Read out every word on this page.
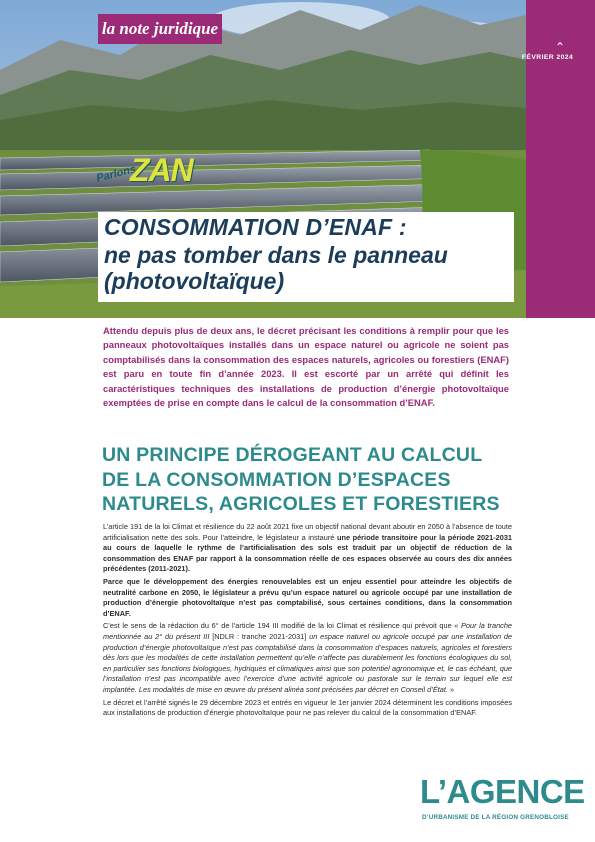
⌃
FÉVRIER 2024
la note juridique
Parlons
ZAN
CONSOMMATION D’ENAF :
ne pas tomber dans le panneau (photovoltaïque)
Attendu depuis plus de deux ans, le décret précisant les conditions à remplir pour que les panneaux photovoltaïques installés dans un espace naturel ou agricole ne soient pas comptabilisés dans la consommation des espaces naturels, agricoles ou forestiers (ENAF) est paru en toute fin d’année 2023. Il est escorté par un arrêté qui définit les caractéristiques techniques des installations de production d’énergie photovoltaïque exemptées de prise en compte dans le calcul de la consommation d’ENAF.
UN PRINCIPE DÉROGEANT AU CALCUL DE LA CONSOMMATION D’ESPACES NATURELS, AGRICOLES ET FORESTIERS

L’article 191 de la loi Climat et résilience du 22 août 2021 fixe un objectif national devant aboutir en 2050 à l’absence de toute artificialisation nette des sols. Pour l’atteindre, le législateur a instauré une période transitoire pour la période 2021-2031 au cours de laquelle le rythme de l’artificialisation des sols est traduit par un objectif de réduction de la consommation des ENAF par rapport à la consommation réelle de ces espaces observée au cours des dix années précédentes (2011-2021).

Parce que le développement des énergies renouvelables est un enjeu essentiel pour atteindre les objectifs de neutralité carbone en 2050, le législateur a prévu qu’un espace naturel ou agricole occupé par une installation de production d’énergie photovoltaïque n’est pas comptabilisé, sous certaines conditions, dans la consommation d’ENAF.

C’est le sens de la rédaction du 6° de l’article 194 III modifié de la loi Climat et résilience qui prévoit que « Pour la tranche mentionnée au 2° du présent III [NDLR : tranche 2021-2031] un espace naturel ou agricole occupé par une installation de production d’énergie photovoltaïque n’est pas comptabilisé dans la consommation d’espaces naturels, agricoles et forestiers dès lors que les modalités de cette installation permettent qu’elle n’affecte pas durablement les fonctions écologiques du sol, en particulier ses fonctions biologiques, hydriques et climatiques ainsi que son potentiel agronomique et, le cas échéant, que l’installation n’est pas incompatible avec l’exercice d’une activité agricole ou pastorale sur le terrain sur lequel elle est implantée. Les modalités de mise en œuvre du présent alinéa sont précisées par décret en Conseil d’État. »

Le décret et l’arrêté signés le 29 décembre 2023 et entrés en vigueur le 1er janvier 2024 déterminent les conditions imposées aux installations de production d’énergie photovoltaïque pour ne pas relever du calcul de la consommation d’ENAF.

L’AGENCE
D’URBANISME DE LA RÉGION GRENOBLOISE
